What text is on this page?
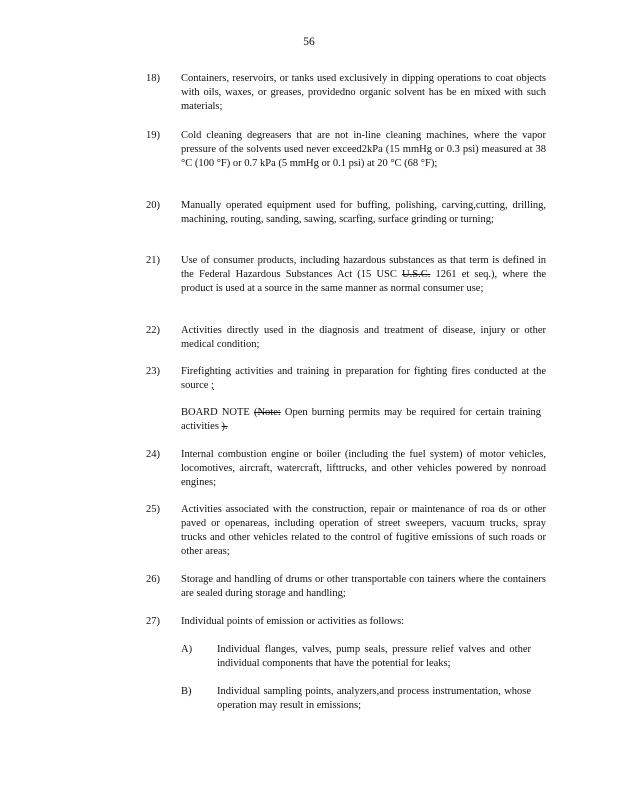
56
18)	Containers, reservoirs, or tanks used exclusively in dipping operations to coat objects with oils, waxes, or greases, providedno organic solvent has be en mixed with such materials;
19)	Cold cleaning degreasers that are not in-line cleaning machines, where the vapor pressure of the solvents used never exceed2kPa (15 mmHg or 0.3 psi) measured at 38 °C (100 °F) or 0.7 kPa (5 mmHg or 0.1 psi) at 20 °C (68 °F);
20)	Manually operated equipment used for buffing, polishing, carving,cutting, drilling, machining, routing, sanding, sawing, scarfing, surface grinding or turning;
21)	Use of consumer products, including hazardous substances as that term is defined in the Federal Hazardous Substances Act (15 USC U.S.C. 1261 et seq.), where the product is used at a source in the same manner as normal consumer use;
22)	Activities directly used in the diagnosis and treatment of disease, injury or other medical condition;
23)	Firefighting activities and training in preparation for fighting fires conducted at the source ;
BOARD NOTE (Note: Open burning permits may be required for certain training activities ).
24)	Internal combustion engine or boiler (including the fuel system) of motor vehicles, locomotives, aircraft, watercraft, lifttrucks, and other vehicles powered by nonroad engines;
25)	Activities associated with the construction, repair or maintenance of roa ds or other paved or openareas, including operation of street sweepers, vacuum trucks, spray trucks and other vehicles related to the control of fugitive emissions of such roads or other areas;
26)	Storage and handling of drums or other transportable con tainers where the containers are sealed during storage and handling;
27)	Individual points of emission or activities as follows:
A)	Individual flanges, valves, pump seals, pressure relief valves and other individual components that have the potential for leaks;
B)	Individual sampling points, analyzers,and process instrumentation, whose operation may result in emissions;
